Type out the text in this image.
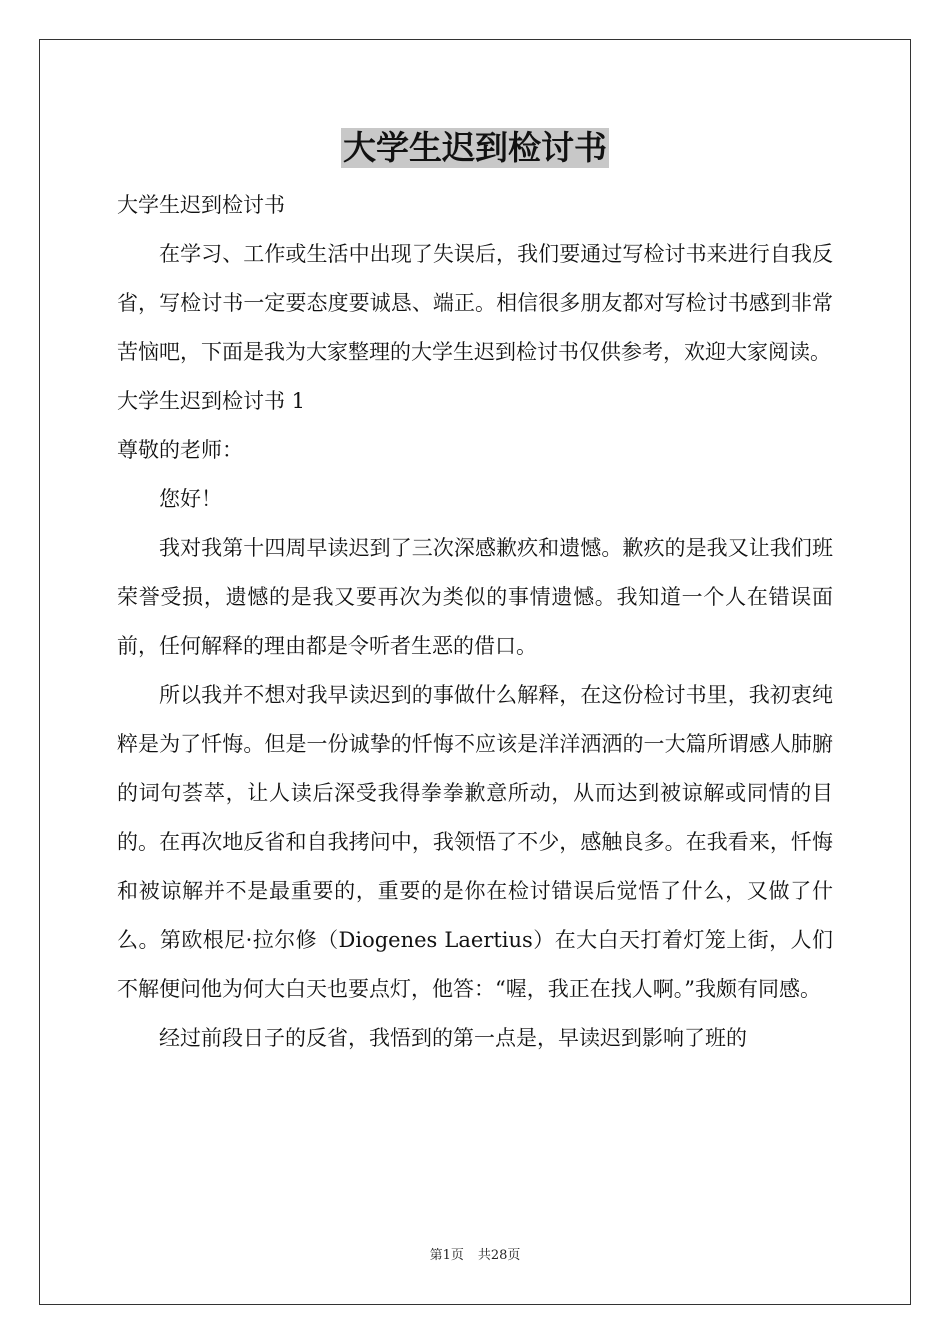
大学生迟到检讨书

大学生迟到检讨书

在学习、工作或生活中出现了失误后，我们要通过写检讨书来进行自我反省，写检讨书一定要态度要诚恳、端正。相信很多朋友都对写检讨书感到非常苦恼吧，下面是我为大家整理的大学生迟到检讨书仅供参考，欢迎大家阅读。

大学生迟到检讨书 1

尊敬的老师：

您好！

我对我第十四周早读迟到了三次深感歉疚和遗憾。歉疚的是我又让我们班荣誉受损，遗憾的是我又要再次为类似的事情遗憾。我知道一个人在错误面前，任何解释的理由都是令听者生恶的借口。

所以我并不想对我早读迟到的事做什么解释，在这份检讨书里，我初衷纯粹是为了忏悔。但是一份诚挚的忏悔不应该是洋洋洒洒的一大篇所谓感人肺腑的词句荟萃，让人读后深受我得拳拳歉意所动，从而达到被谅解或同情的目的。在再次地反省和自我拷问中，我领悟了不少，感触良多。在我看来，忏悔和被谅解并不是最重要的，重要的是你在检讨错误后觉悟了什么，又做了什么。第欧根尼·拉尔修（Diogenes Laertius）在大白天打着灯笼上街，人们不解便问他为何大白天也要点灯，他答：“喔，我正在找人啊。”我颇有同感。

经过前段日子的反省，我悟到的第一点是，早读迟到影响了班的

第1页 共28页
